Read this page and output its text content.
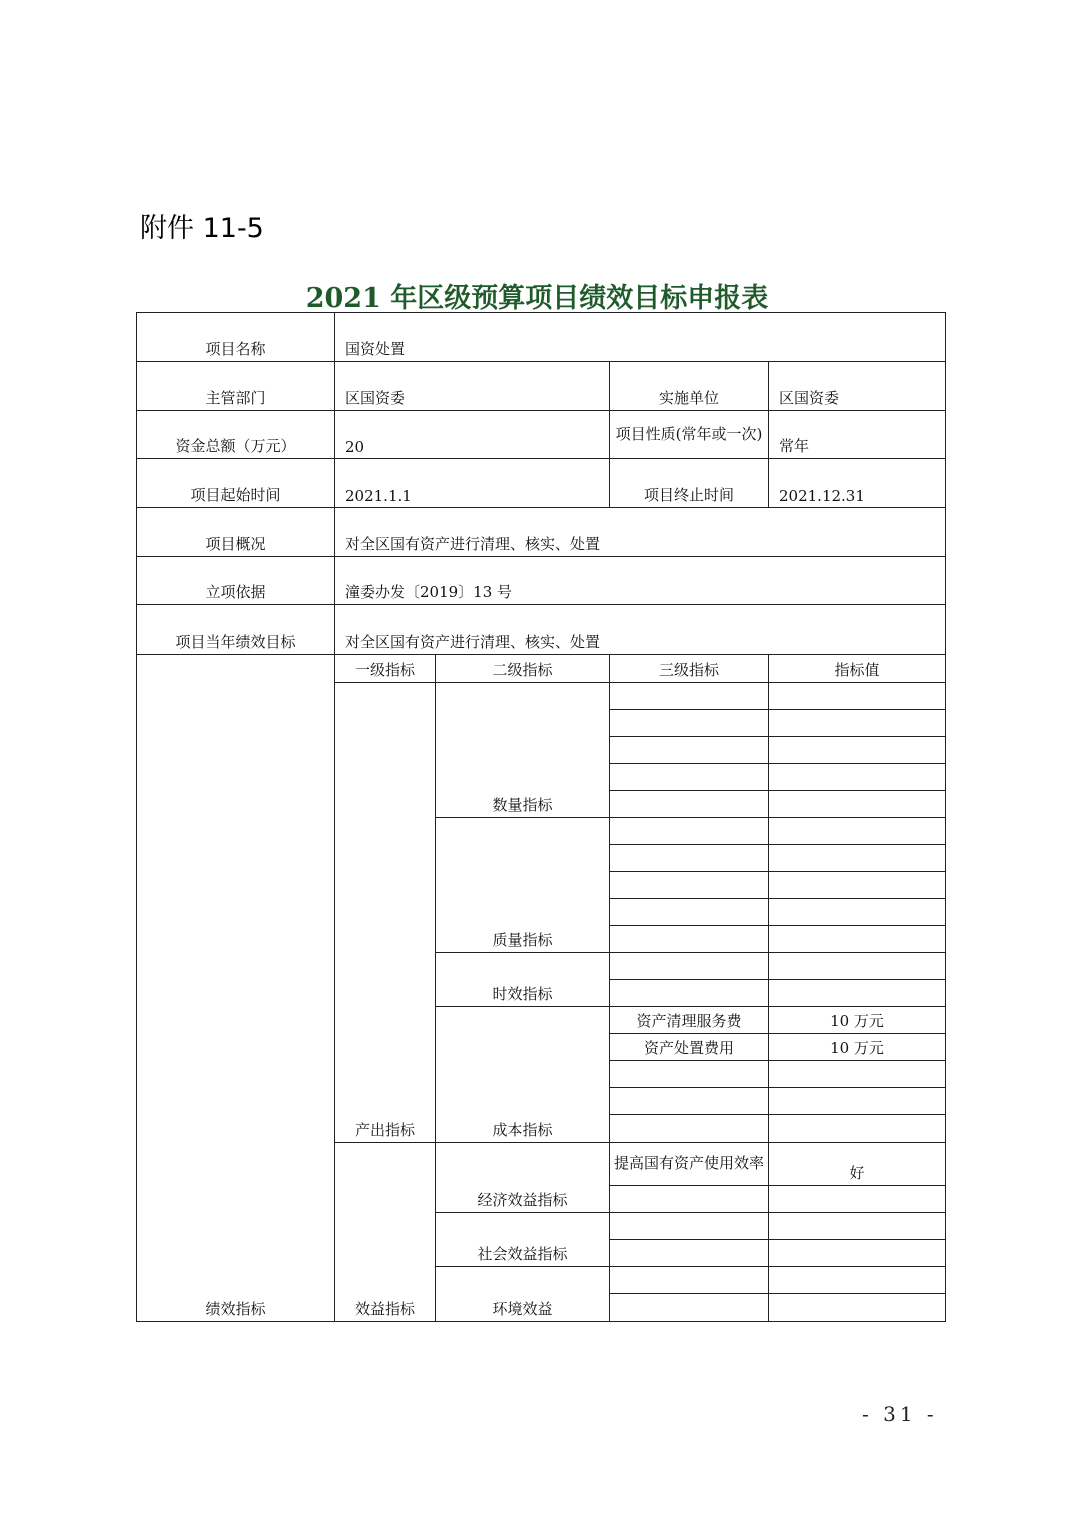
附件 11-5
2021 年区级预算项目绩效目标申报表
项目名称	国资处置			
主管部门	区国资委		实施单位	区国资委
资金总额（万元）	20		项目性质(常年或一次)	常年
项目起始时间	2021.1.1		项目终止时间	2021.12.31
项目概况	对全区国有资产进行清理、核实、处置			
立项依据	潼委办发〔2019〕13 号			
项目当年绩效目标	对全区国有资产进行清理、核实、处置			
绩效指标	一级指标	二级指标	三级指标	指标值
	产出指标	数量指标		

		质量指标		

		时效指标		

		成本指标	资产清理服务费	10 万元
			资产处置费用	10 万元

	效益指标	经济效益指标	提高国有资产使用效率	好

		社会效益指标		

		环境效益		

- 31 -
